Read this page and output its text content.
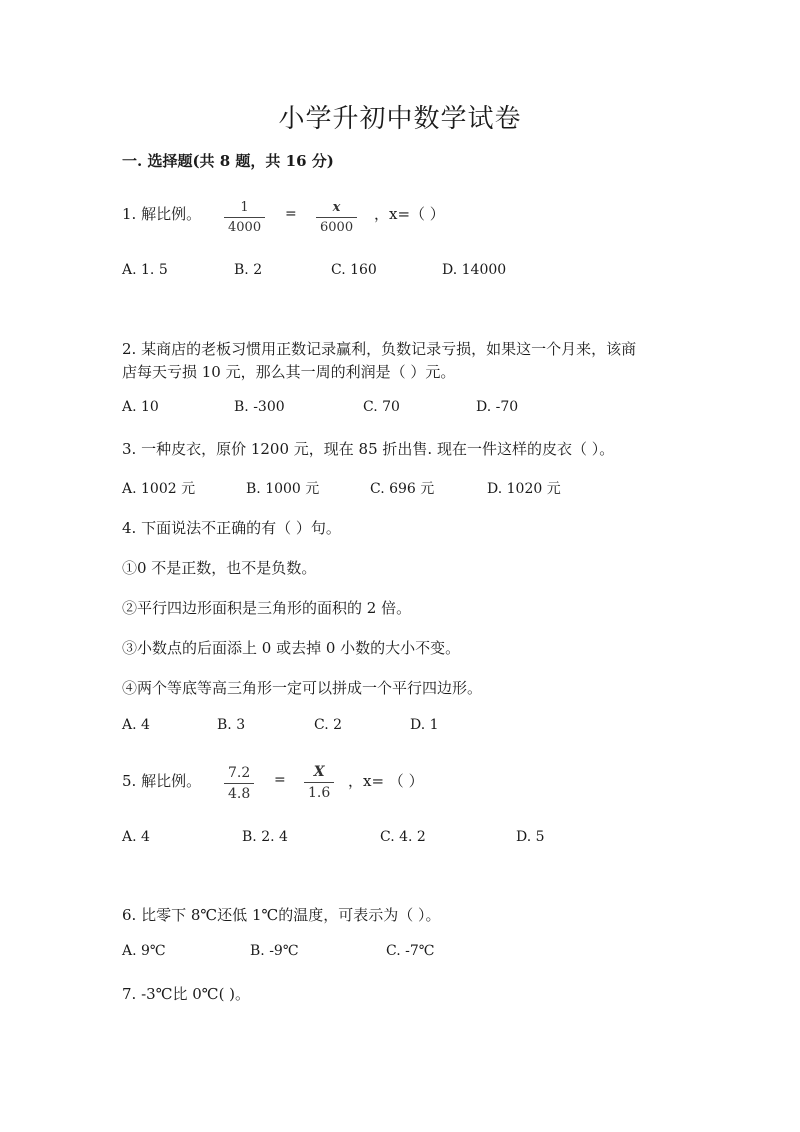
小学升初中数学试卷
一. 选择题(共 8 题，共 16 分)
1. 解比例。 $\frac{1}{4000} = \frac{x}{6000}$ ，x=（ ）
A. 1. 5	B. 2	C. 160	D. 14000
2. 某商店的老板习惯用正数记录赢利，负数记录亏损，如果这一个月来，该商
店每天亏损 10 元，那么其一周的利润是（ ）元。
A. 10	B. -300	C. 70	D. -70
3. 一种皮衣，原价 1200 元，现在 85 折出售. 现在一件这样的皮衣（ ）。
A. 1002 元	B. 1000 元	C. 696 元	D. 1020 元
4. 下面说法不正确的有（ ）句。
①0 不是正数，也不是负数。
②平行四边形面积是三角形的面积的 2 倍。
③小数点的后面添上 0 或去掉 0 小数的大小不变。
④两个等底等高三角形一定可以拼成一个平行四边形。
A. 4	B. 3	C. 2	D. 1
5. 解比例。 $\frac{7.2}{4.8} = \frac{X}{1.6}$ ，x= （ ）
A. 4	B. 2. 4	C. 4. 2	D. 5
6. 比零下 8℃还低 1℃的温度，可表示为（ ）。
A. 9℃	B. -9℃	C. -7℃
7. -3℃比 0℃( )。
